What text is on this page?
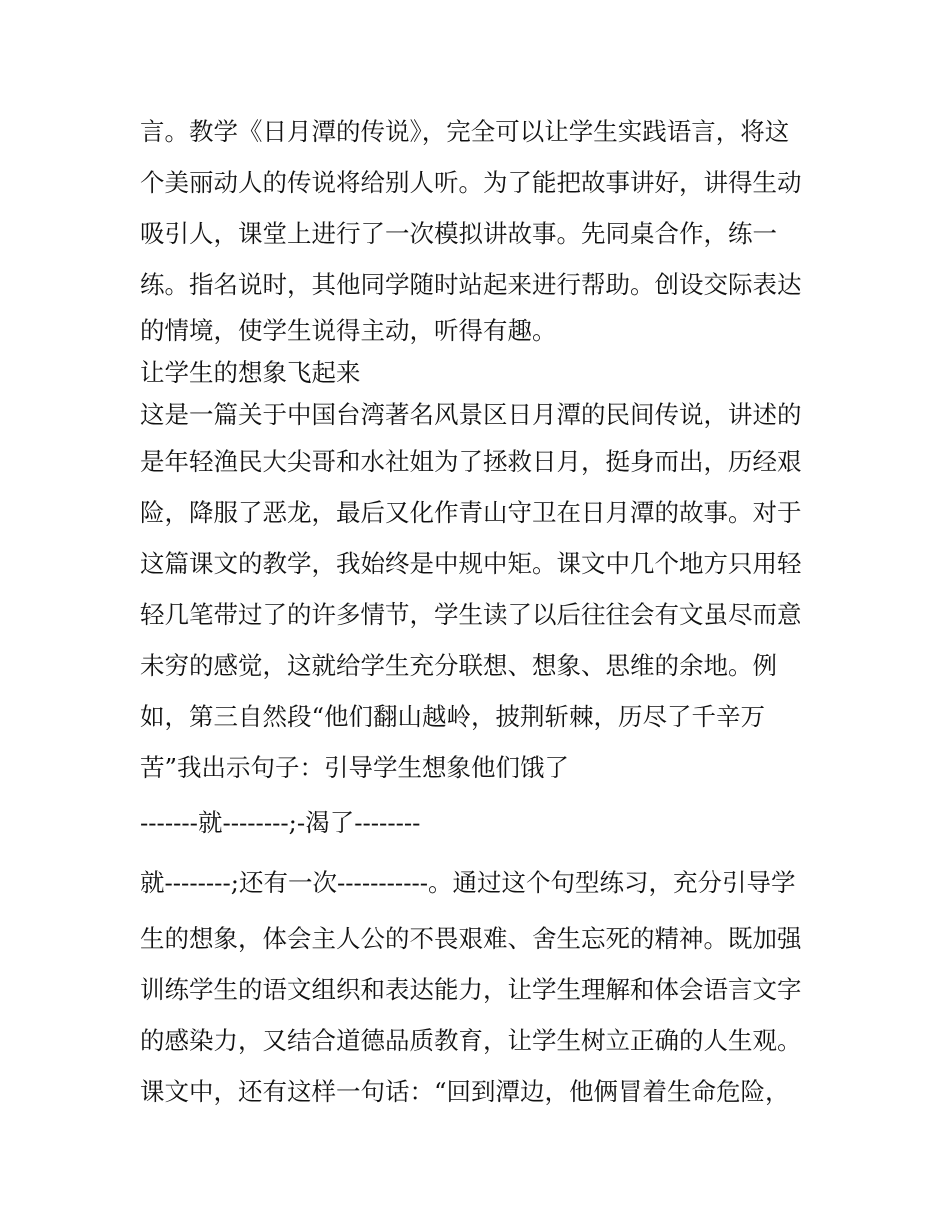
言。教学《日月潭的传说》，完全可以让学生实践语言，将这
个美丽动人的传说将给别人听。为了能把故事讲好，讲得生动
吸引人，课堂上进行了一次模拟讲故事。先同桌合作，练一
练。指名说时，其他同学随时站起来进行帮助。创设交际表达
的情境，使学生说得主动，听得有趣。
让学生的想象飞起来
这是一篇关于中国台湾著名风景区日月潭的民间传说，讲述的
是年轻渔民大尖哥和水社姐为了拯救日月，挺身而出，历经艰
险，降服了恶龙，最后又化作青山守卫在日月潭的故事。对于
这篇课文的教学，我始终是中规中矩。课文中几个地方只用轻
轻几笔带过了的许多情节，学生读了以后往往会有文虽尽而意
未穷的感觉，这就给学生充分联想、想象、思维的余地。例
如，第三自然段“他们翻山越岭，披荆斩棘，历尽了千辛万
苦”我出示句子：引导学生想象他们饿了
-------就--------;-渴了--------
就--------;还有一次-----------。通过这个句型练习，充分引导学
生的想象，体会主人公的不畏艰难、舍生忘死的精神。既加强
训练学生的语文组织和表达能力，让学生理解和体会语言文字
的感染力，又结合道德品质教育，让学生树立正确的人生观。
课文中，还有这样一句话：“回到潭边，他俩冒着生命危险，
